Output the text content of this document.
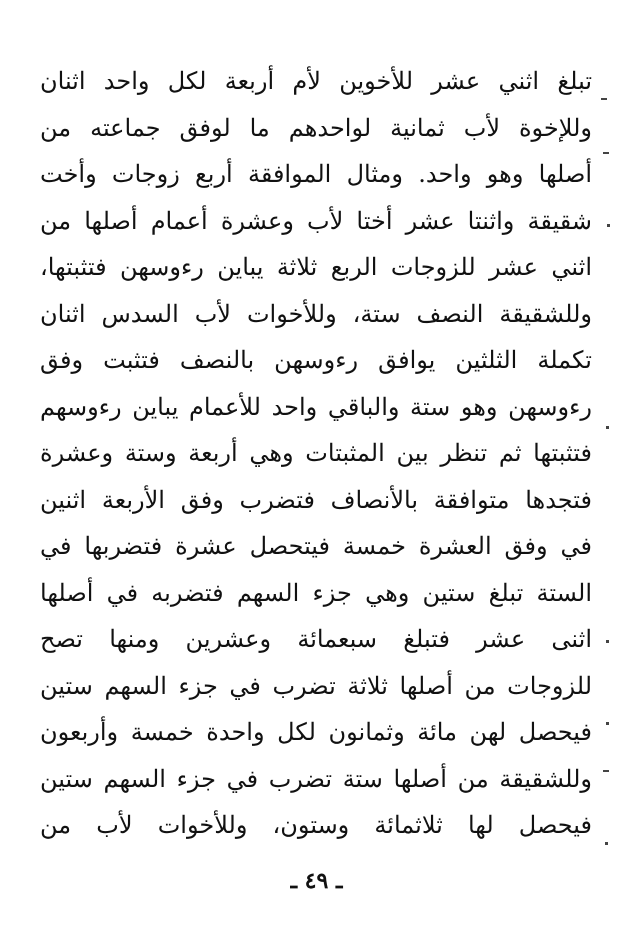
تبلغ اثني عشر للأخوين لأم أربعة لكل واحد اثنان
وللإخوة لأب ثمانية لواحدهم ما لوفق جماعته من
أصلها وهو واحد. ومثال الموافقة أربع زوجات وأخت
شقيقة واثنتا عشر أختا لأب وعشرة أعمام أصلها من
اثني عشر للزوجات الربع ثلاثة يباين رءوسهن فتثبتها،
وللشقيقة النصف ستة، وللأخوات لأب السدس اثنان
تكملة الثلثين يوافق رءوسهن بالنصف فتثبت وفق
رءوسهن وهو ستة والباقي واحد للأعمام يباين رءوسهم
فتثبتها ثم تنظر بين المثبتات وهي أربعة وستة وعشرة
فتجدها متوافقة بالأنصاف فتضرب وفق الأربعة اثنين
في وفق العشرة خمسة فيتحصل عشرة فتضربها في
الستة تبلغ ستين وهي جزء السهم فتضربه في أصلها
اثنى عشر فتبلغ سبعمائة وعشرين ومنها تصح
للزوجات من أصلها ثلاثة تضرب في جزء السهم ستين
فيحصل لهن مائة وثمانون لكل واحدة خمسة وأربعون
وللشقيقة من أصلها ستة تضرب في جزء السهم ستين
فيحصل لها ثلاثمائة وستون، وللأخوات لأب من
ـ ٤٩ ـ
